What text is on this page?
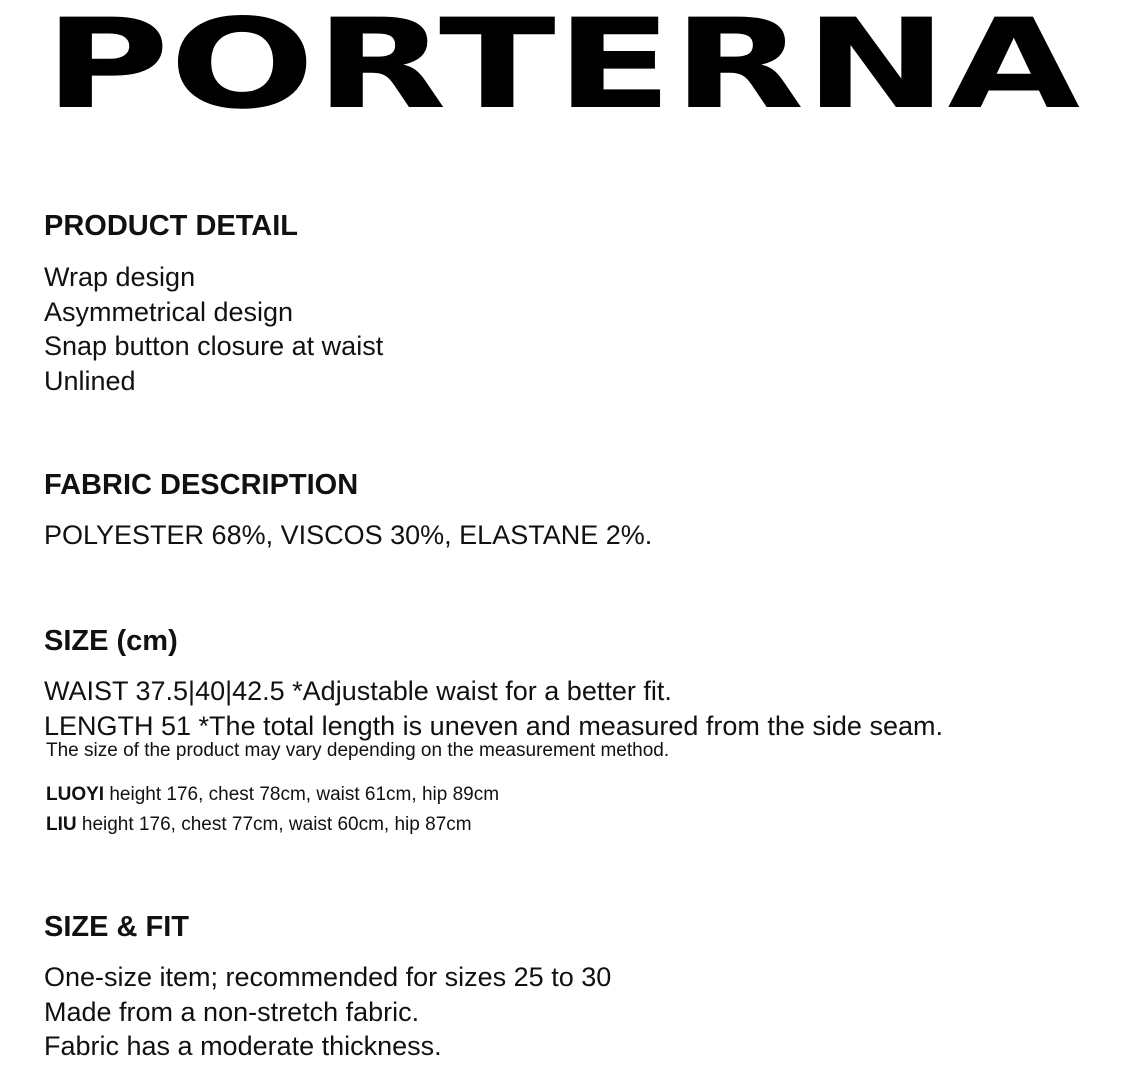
PORTERNA
PRODUCT DETAIL
Wrap design
Asymmetrical design
Snap button closure at waist
Unlined
FABRIC DESCRIPTION
POLYESTER 68%, VISCOS 30%, ELASTANE 2%.
SIZE (cm)
WAIST 37.5|40|42.5 *Adjustable waist for a better fit.
LENGTH 51 *The total length is uneven and measured from the side seam.

The size of the product may vary depending on the measurement method.

LUOYI height 176, chest 78cm, waist 61cm, hip 89cm
LIU height 176, chest 77cm, waist 60cm, hip 87cm
SIZE & FIT
One-size item; recommended for sizes 25 to 30
Made from a non-stretch fabric.
Fabric has a moderate thickness.
